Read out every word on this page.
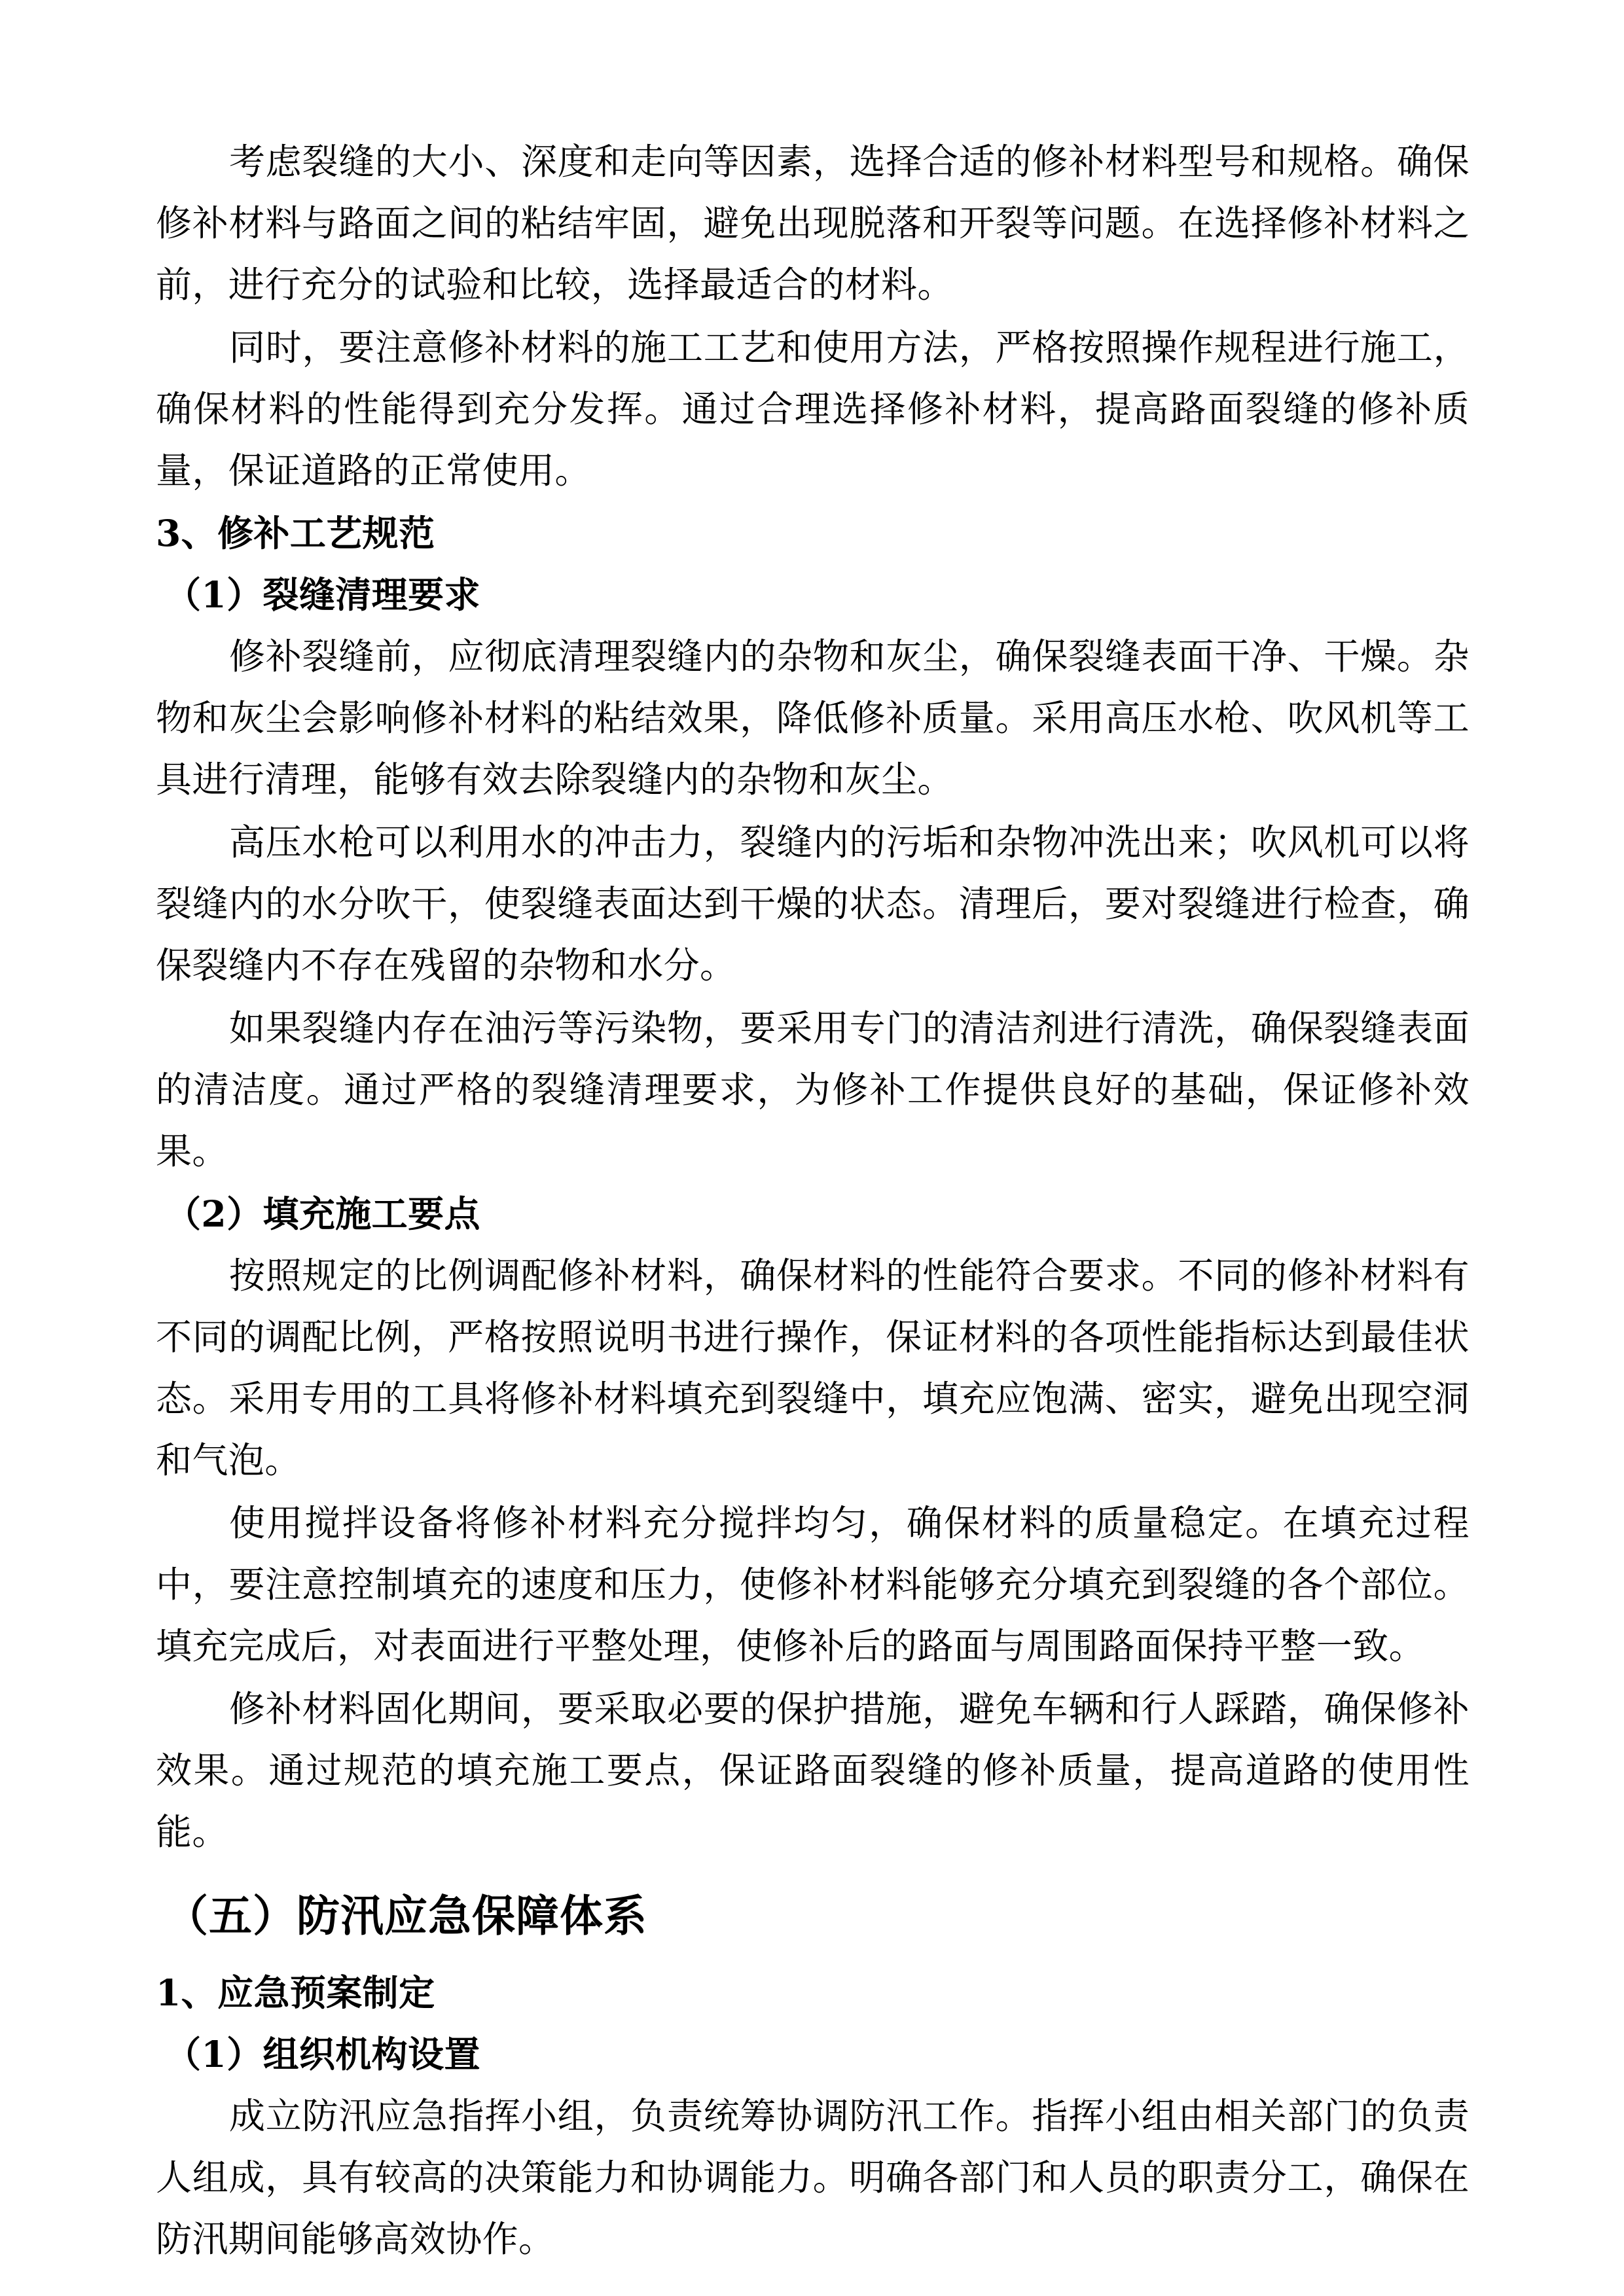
考虑裂缝的大小、深度和走向等因素，选择合适的修补材料型号和规格。确保修补材料与路面之间的粘结牢固，避免出现脱落和开裂等问题。在选择修补材料之前，进行充分的试验和比较，选择最适合的材料。

同时，要注意修补材料的施工工艺和使用方法，严格按照操作规程进行施工，确保材料的性能得到充分发挥。通过合理选择修补材料，提高路面裂缝的修补质量，保证道路的正常使用。

3、修补工艺规范

（1）裂缝清理要求

修补裂缝前，应彻底清理裂缝内的杂物和灰尘，确保裂缝表面干净、干燥。杂物和灰尘会影响修补材料的粘结效果，降低修补质量。采用高压水枪、吹风机等工具进行清理，能够有效去除裂缝内的杂物和灰尘。

高压水枪可以利用水的冲击力，裂缝内的污垢和杂物冲洗出来；吹风机可以将裂缝内的水分吹干，使裂缝表面达到干燥的状态。清理后，要对裂缝进行检查，确保裂缝内不存在残留的杂物和水分。

如果裂缝内存在油污等污染物，要采用专门的清洁剂进行清洗，确保裂缝表面的清洁度。通过严格的裂缝清理要求，为修补工作提供良好的基础，保证修补效果。

（2）填充施工要点

按照规定的比例调配修补材料，确保材料的性能符合要求。不同的修补材料有不同的调配比例，严格按照说明书进行操作，保证材料的各项性能指标达到最佳状态。采用专用的工具将修补材料填充到裂缝中，填充应饱满、密实，避免出现空洞和气泡。

使用搅拌设备将修补材料充分搅拌均匀，确保材料的质量稳定。在填充过程中，要注意控制填充的速度和压力，使修补材料能够充分填充到裂缝的各个部位。填充完成后，对表面进行平整处理，使修补后的路面与周围路面保持平整一致。

修补材料固化期间，要采取必要的保护措施，避免车辆和行人踩踏，确保修补效果。通过规范的填充施工要点，保证路面裂缝的修补质量，提高道路的使用性能。

（五）防汛应急保障体系

1、应急预案制定

（1）组织机构设置

成立防汛应急指挥小组，负责统筹协调防汛工作。指挥小组由相关部门的负责人组成，具有较高的决策能力和协调能力。明确各部门和人员的职责分工，确保在防汛期间能够高效协作。
